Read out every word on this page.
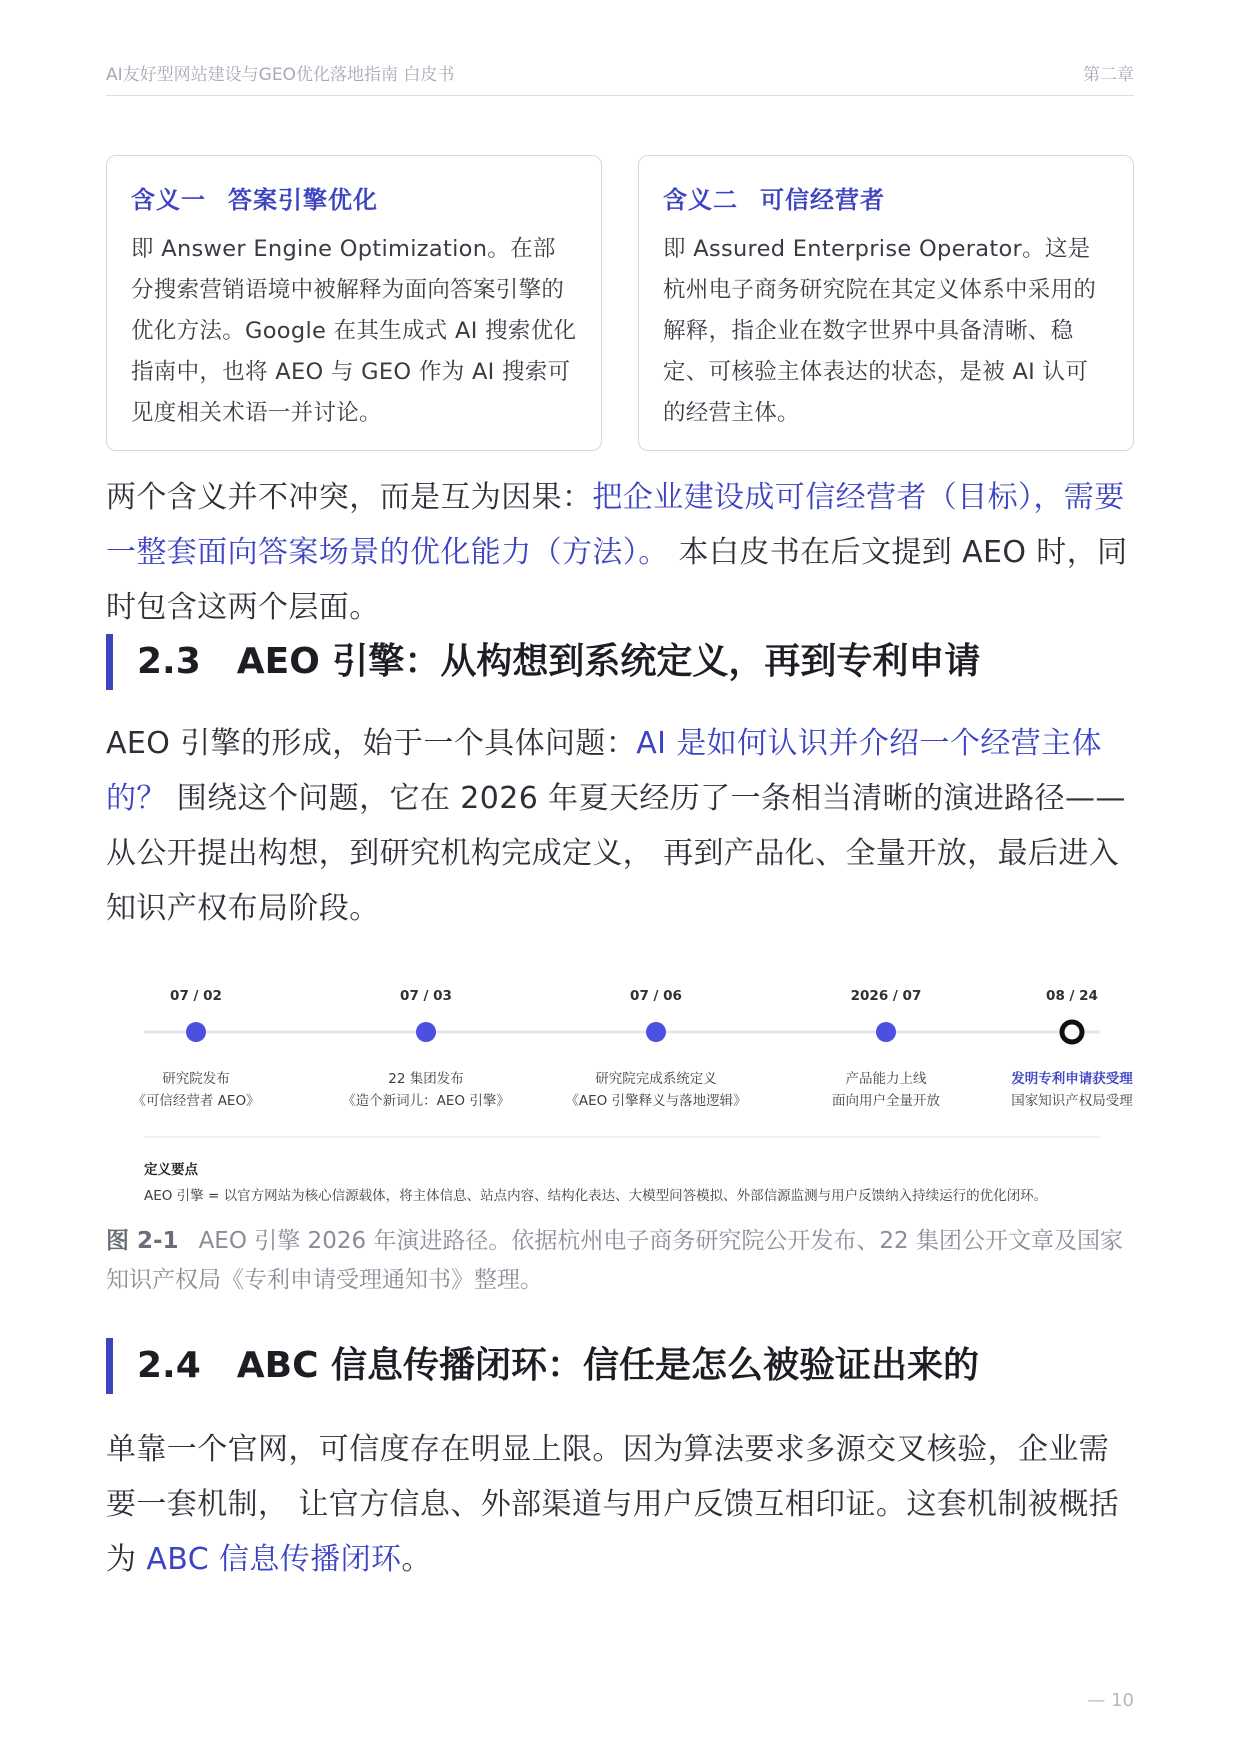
AI友好型网站建设与GEO优化落地指南 白皮书	第二章
含义一 答案引擎优化
即 Answer Engine Optimization。在部分搜索营销语境中被解释为面向答案引擎的优化方法。Google 在其生成式 AI 搜索优化指南中，也将 AEO 与 GEO 作为 AI 搜索可见度相关术语一并讨论。
含义二 可信经营者
即 Assured Enterprise Operator。这是杭州电子商务研究院在其定义体系中采用的解释，指企业在数字世界中具备清晰、稳定、可核验主体表达的状态，是被 AI 认可的经营主体。

两个含义并不冲突，而是互为因果：把企业建设成可信经营者（目标），需要一整套面向答案场景的优化能力（方法）。 本白皮书在后文提到 AEO 时，同时包含这两个层面。

2.3 AEO 引擎：从构想到系统定义，再到专利申请

AEO 引擎的形成，始于一个具体问题：AI 是如何认识并介绍一个经营主体的？ 围绕这个问题，它在 2026 年夏天经历了一条相当清晰的演进路径——从公开提出构想，到研究机构完成定义， 再到产品化、全量开放，最后进入知识产权布局阶段。

定义要点
AEO 引擎 = 以官方网站为核心信源载体，将主体信息、站点内容、结构化表达、大模型问答模拟、外部信源监测与用户反馈纳入持续运行的优化闭环。
07 / 02
研究院发布
《可信经营者 AEO》
07 / 03
22 集团发布
《造个新词儿：AEO 引擎》
07 / 06
研究院完成系统定义
《AEO 引擎释义与落地逻辑》
2026 / 07
产品能力上线
面向用户全量开放
08 / 24
发明专利申请获受理
国家知识产权局受理
图 2-1 AEO 引擎 2026 年演进路径。依据杭州电子商务研究院公开发布、22 集团公开文章及国家知识产权局《专利申请受理通知书》整理。
2.4 ABC 信息传播闭环：信任是怎么被验证出来的

单靠一个官网，可信度存在明显上限。因为算法要求多源交叉核验，企业需要一套机制， 让官方信息、外部渠道与用户反馈互相印证。这套机制被概括为 ABC 信息传播闭环。

— 10
